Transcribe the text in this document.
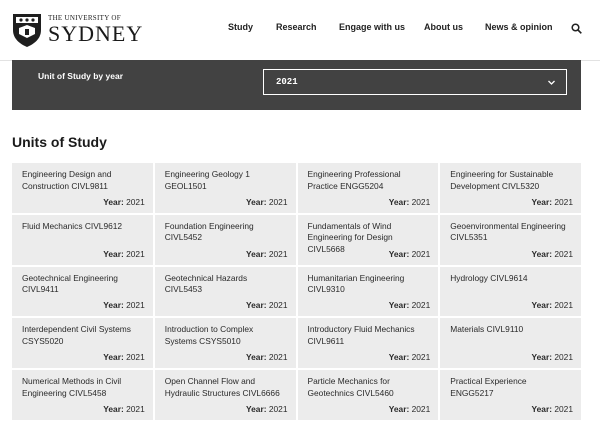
THE UNIVERSITY OF
SYDNEY	Study	Research Engage with us About us News & opinion
Unit of Study by year
2021
Units of Study
Engineering Design and Construction CIVL9811
Year: 2021
Engineering Geology 1 GEOL1501
Year: 2021
Engineering Professional Practice ENGG5204
Year: 2021
Engineering for Sustainable Development CIVL5320
Year: 2021
Fluid Mechanics CIVL9612
Year: 2021
Foundation Engineering CIVL5452
Year: 2021
Fundamentals of Wind Engineering for Design CIVL5668	Year: 2021
Geoenvironmental Engineering CIVL5351
Year: 2021
Geotechnical Engineering CIVL9411
Year: 2021
Geotechnical Hazards CIVL5453
Year: 2021
Humanitarian Engineering CIVL9310
Year: 2021
Hydrology CIVL9614
Year: 2021
Interdependent Civil Systems CSYS5020
Year: 2021
Introduction to Complex Systems CSYS5010
Year: 2021
Introductory Fluid Mechanics CIVL9611
Year: 2021
Materials CIVL9110
Year: 2021
Numerical Methods in Civil Engineering CIVL5458
Year: 2021
Open Channel Flow and Hydraulic Structures CIVL6666
Year: 2021
Particle Mechanics for Geotechnics CIVL5460
Year: 2021
Practical Experience ENGG5217
Year: 2021
